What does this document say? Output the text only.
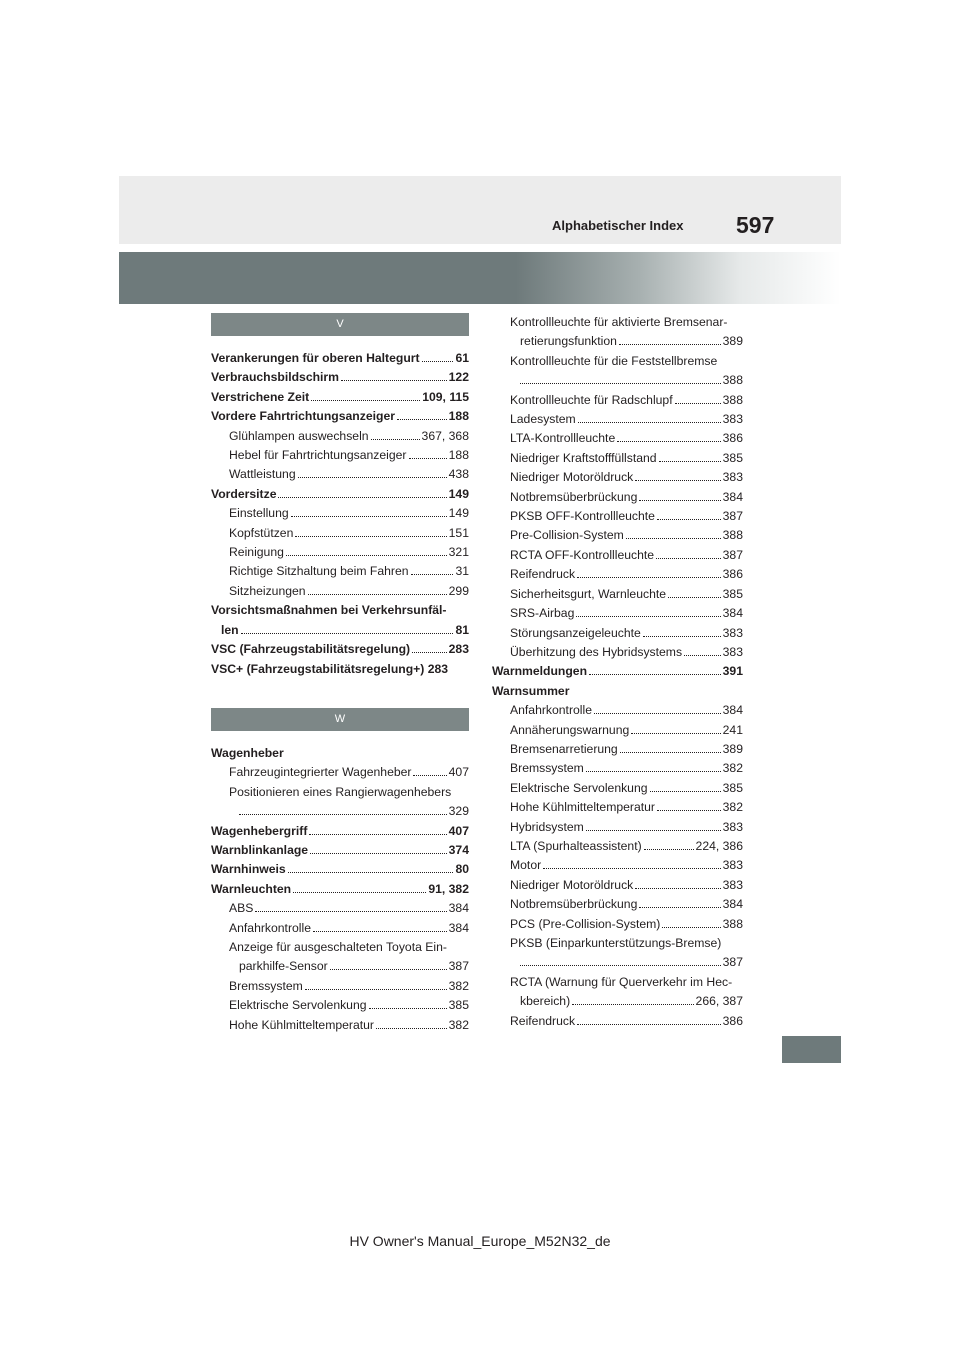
Alphabetischer Index 597
V
Verankerungen für oberen Haltegurt	61
Verbrauchsbildschirm	122
Verstrichene Zeit	109, 115
Vordere Fahrtrichtungsanzeiger	188
Glühlampen auswechseln	367, 368
Hebel für Fahrtrichtungsanzeiger	188
Wattleistung	438
Vordersitze	149
Einstellung	149
Kopfstützen	151
Reinigung	321
Richtige Sitzhaltung beim Fahren	31
Sitzheizungen	299
Vorsichtsmaßnahmen bei Verkehrsunfäl-
len	81
VSC (Fahrzeugstabilitätsregelung)	283
VSC+ (Fahrzeugstabilitätsregelung+)
283
W
Wagenheber
Fahrzeugintegrierter Wagenheber	407
Positionieren eines Rangierwagenhebers
329
Wagenhebergriff	407
Warnblinkanlage	374
Warnhinweis	80
Warnleuchten	91, 382
ABS	384
Anfahrkontrolle	384
Anzeige für ausgeschalteten Toyota Ein-
parkhilfe-Sensor	387
Bremssystem	382
Elektrische Servolenkung	385
Hohe Kühlmitteltemperatur	382
Kontrollleuchte für aktivierte Bremsenar-
retierungsfunktion	389
Kontrollleuchte für die Feststellbremse
388
Kontrollleuchte für Radschlupf	388
Ladesystem	383
LTA-Kontrollleuchte	386
Niedriger Kraftstofffüllstand	385
Niedriger Motoröldruck	383
Notbremsüberbrückung	384
PKSB OFF-Kontrollleuchte	387
Pre-Collision-System	388
RCTA OFF-Kontrollleuchte	387
Reifendruck	386
Sicherheitsgurt, Warnleuchte	385
SRS-Airbag	384
Störungsanzeigeleuchte	383
Überhitzung des Hybridsystems	383
Warnmeldungen	391
Warnsummer
Anfahrkontrolle	384
Annäherungswarnung	241
Bremsenarretierung	389
Bremssystem	382
Elektrische Servolenkung	385
Hohe Kühlmitteltemperatur	382
Hybridsystem	383
LTA (Spurhalteassistent)	224, 386
Motor	383
Niedriger Motoröldruck	383
Notbremsüberbrückung	384
PCS (Pre-Collision-System)	388
PKSB (Einparkunterstützungs-Bremse)
387
RCTA (Warnung für Querverkehr im Hec-
kbereich)	266, 387
Reifendruck	386
HV Owner's Manual_Europe_M52N32_de
